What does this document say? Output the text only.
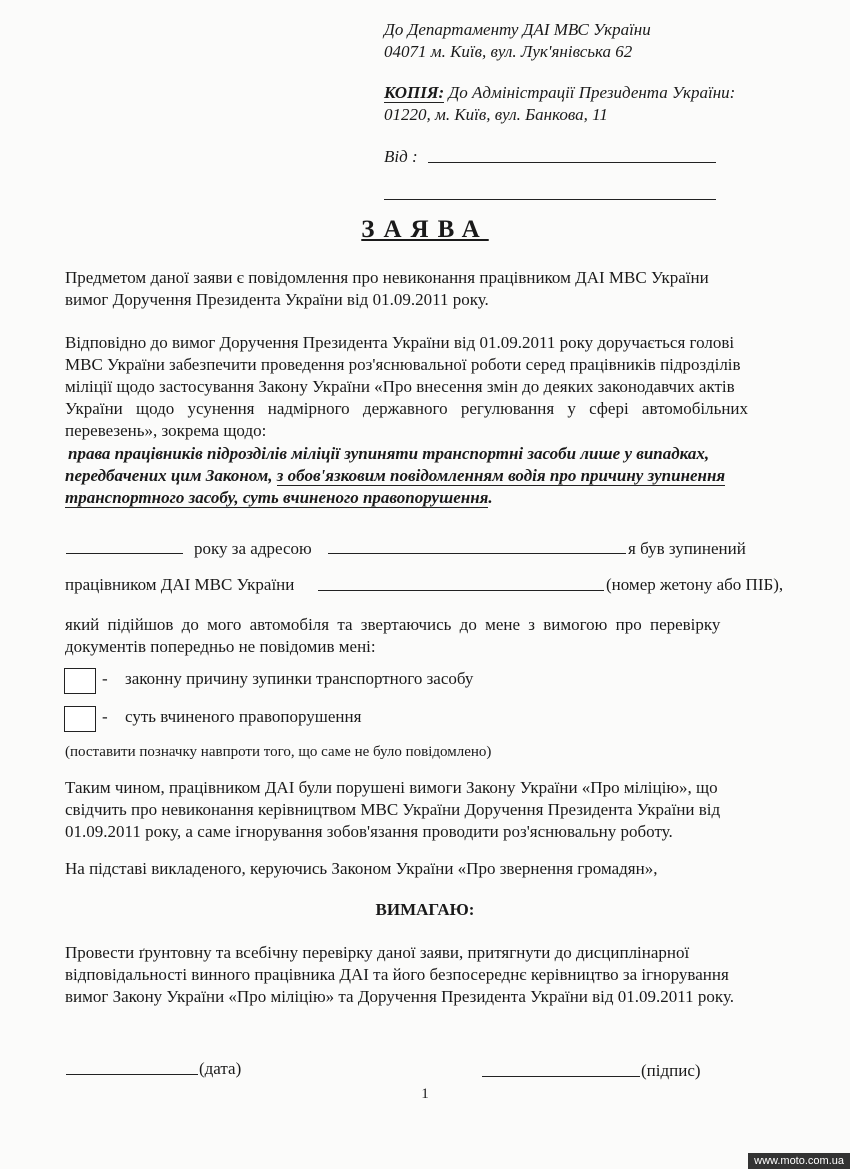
До Департаменту ДАІ МВС України
04071 м. Київ, вул. Лук'янівська 62
КОПІЯ: До Адміністрації Президента України:
01220, м. Київ, вул. Банкова, 11
Від :
ЗАЯВА
Предметом даної заяви є повідомлення про невиконання працівником ДАІ МВС України
вимог Доручення Президента України від 01.09.2011 року.
Відповідно до вимог Доручення Президента України від 01.09.2011 року доручається голові
МВС України забезпечити проведення роз'яснювальної роботи серед працівників підрозділів
міліції щодо застосування Закону України «Про внесення змін до деяких законодавчих актів
України щодо усунення надмірного державного регулювання у сфері автомобільних
перевезень», зокрема щодо:
права працівників підрозділів міліції зупиняти транспортні засоби лише у випадках,
передбачених цим Законом, з обов'язковим повідомленням водія про причину зупинення
транспортного засобу, суть вчиненого правопорушення.
року за адресою	я був зупинений
працівником ДАІ МВС України	(номер жетону або ПІБ),
який підійшов до мого автомобіля та звертаючись до мене з вимогою про перевірку
документів попередньо не повідомив мені:
- законну причину зупинки транспортного засобу
- суть вчиненого правопорушення
(поставити позначку навпроти того, що саме не було повідомлено)
Таким чином, працівником ДАІ були порушені вимоги Закону України «Про міліцію», що
свідчить про невиконання керівництвом МВС України Доручення Президента України від
01.09.2011 року, а саме ігнорування зобов'язання проводити роз'яснювальну роботу.
На підставі викладеного, керуючись Законом України «Про звернення громадян»,
ВИМАГАЮ:
Провести ґрунтовну та всебічну перевірку даної заяви, притягнути до дисциплінарної
відповідальності винного працівника ДАІ та його безпосереднє керівництво за ігнорування
вимог Закону України «Про міліцію» та Доручення Президента України від 01.09.2011 року.
(дата)	(підпис)
1
www.moto.com.ua
